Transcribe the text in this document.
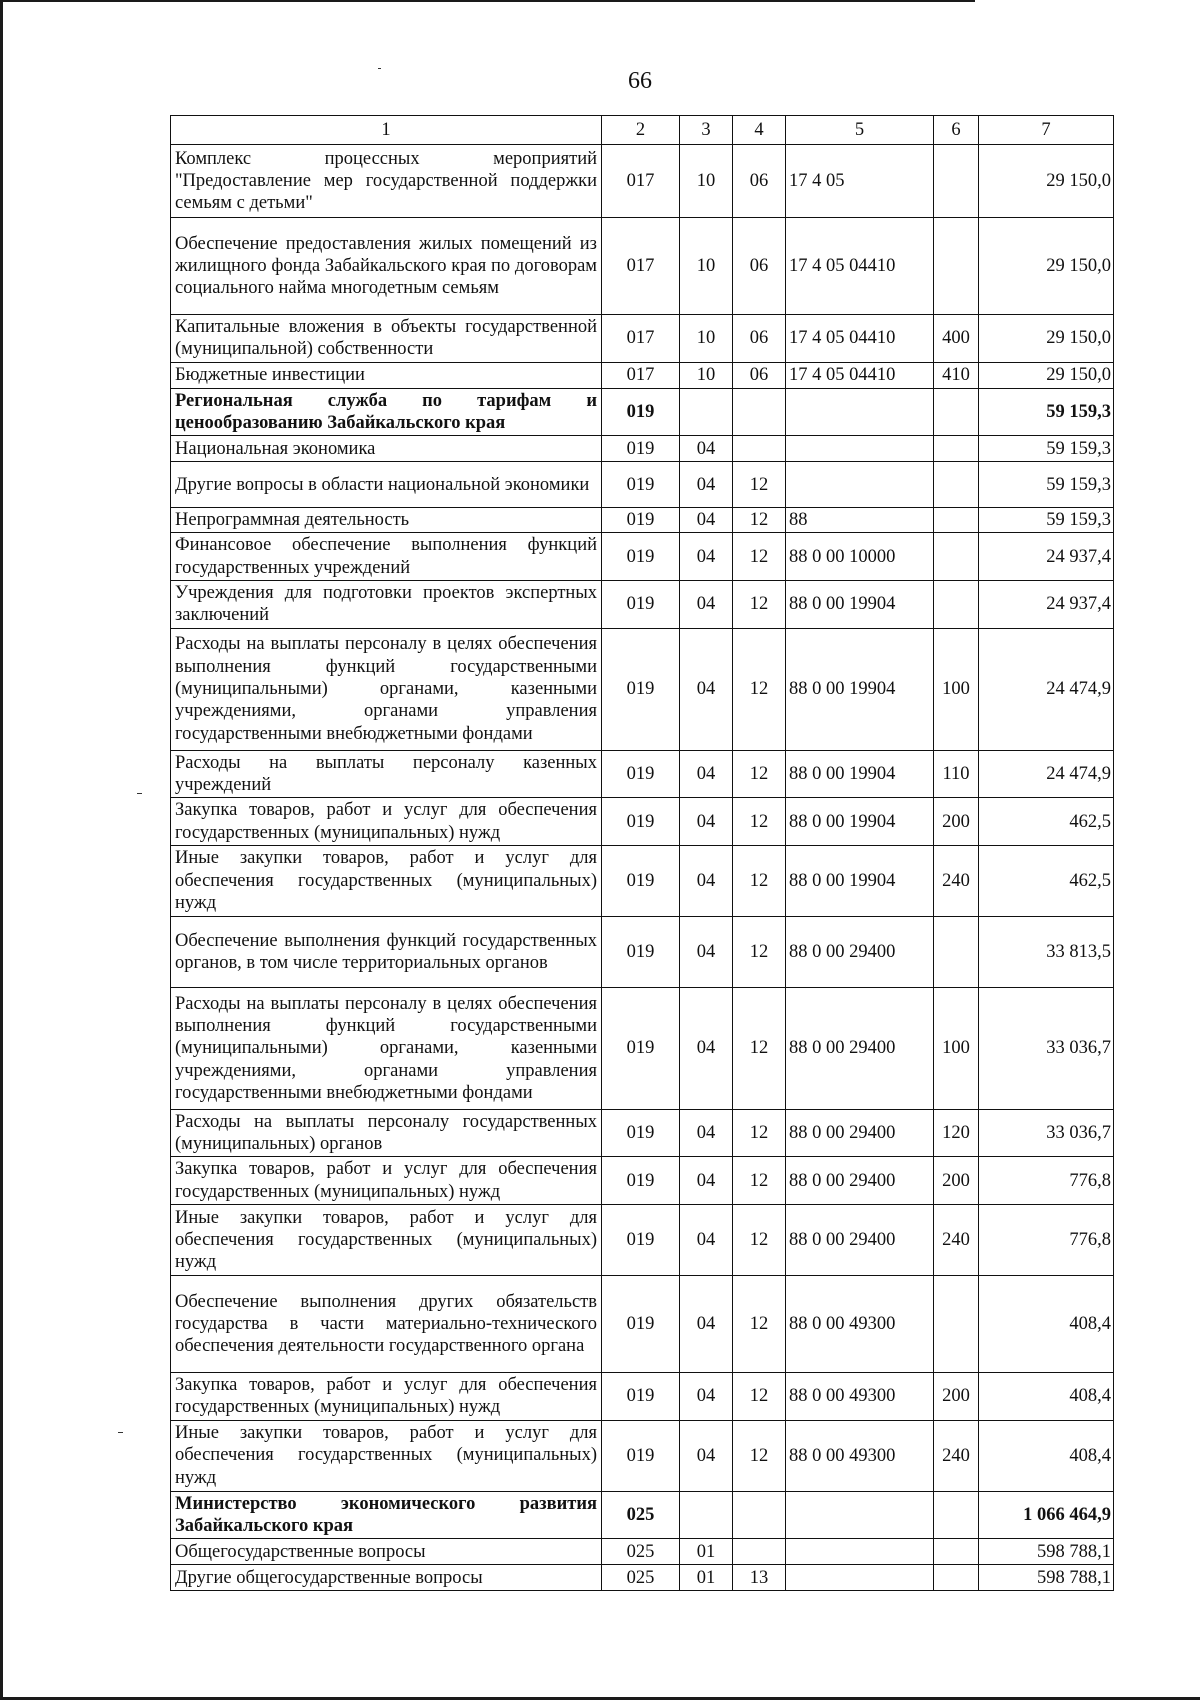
66
1	2	3	4	5	6	7
Комплекс процессных мероприятий "Предоставление мер государственной поддержки семьям с детьми"	017	10	06	17 4 05		29 150,0
Обеспечение предоставления жилых помещений из жилищного фонда Забайкальского края по договорам социального найма многодетным семьям	017	10	06	17 4 05 04410		29 150,0
Капитальные вложения в объекты государственной (муниципальной) собственности	017	10	06	17 4 05 04410	400	29 150,0
Бюджетные инвестиции	017	10	06	17 4 05 04410	410	29 150,0
Региональная служба по тарифам и ценообразованию Забайкальского края	019					59 159,3
Национальная экономика	019	04				59 159,3
Другие вопросы в области национальной экономики	019	04	12			59 159,3
Непрограммная деятельность	019	04	12	88		59 159,3
Финансовое обеспечение выполнения функций государственных учреждений	019	04	12	88 0 00 10000		24 937,4
Учреждения для подготовки проектов экспертных заключений	019	04	12	88 0 00 19904		24 937,4
Расходы на выплаты персоналу в целях обеспечения выполнения функций государственными (муниципальными) органами, казенными учреждениями, органами управления государственными внебюджетными фондами	019	04	12	88 0 00 19904	100	24 474,9
Расходы на выплаты персоналу казенных учреждений	019	04	12	88 0 00 19904	110	24 474,9
Закупка товаров, работ и услуг для обеспечения государственных (муниципальных) нужд	019	04	12	88 0 00 19904	200	462,5
Иные закупки товаров, работ и услуг для обеспечения государственных (муниципальных) нужд	019	04	12	88 0 00 19904	240	462,5
Обеспечение выполнения функций государственных органов, в том числе территориальных органов	019	04	12	88 0 00 29400		33 813,5
Расходы на выплаты персоналу в целях обеспечения выполнения функций государственными (муниципальными) органами, казенными учреждениями, органами управления государственными внебюджетными фондами	019	04	12	88 0 00 29400	100	33 036,7
Расходы на выплаты персоналу государственных (муниципальных) органов	019	04	12	88 0 00 29400	120	33 036,7
Закупка товаров, работ и услуг для обеспечения государственных (муниципальных) нужд	019	04	12	88 0 00 29400	200	776,8
Иные закупки товаров, работ и услуг для обеспечения государственных (муниципальных) нужд	019	04	12	88 0 00 29400	240	776,8
Обеспечение выполнения других обязательств государства в части материально-технического обеспечения деятельности государственного органа	019	04	12	88 0 00 49300		408,4
Закупка товаров, работ и услуг для обеспечения государственных (муниципальных) нужд	019	04	12	88 0 00 49300	200	408,4
Иные закупки товаров, работ и услуг для обеспечения государственных (муниципальных) нужд	019	04	12	88 0 00 49300	240	408,4
Министерство экономического развития Забайкальского края	025					1 066 464,9
Общегосударственные вопросы	025	01				598 788,1
Другие общегосударственные вопросы	025	01	13			598 788,1
